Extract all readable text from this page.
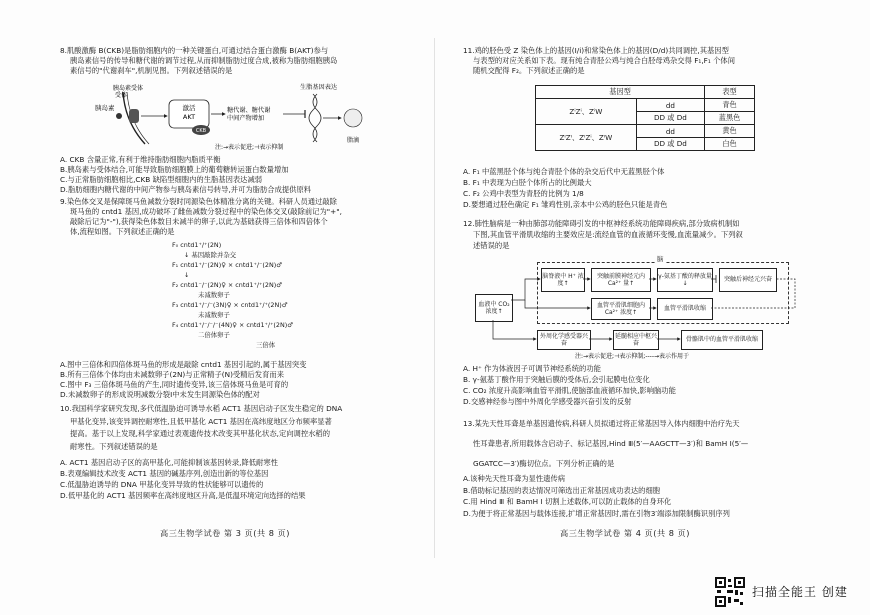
8.肌酸激酶 B(CKB)是脂肪细胞内的一种关键蛋白,可通过结合蛋白激酶 B(AKT)参与

胰岛素信号的传导和糖代谢的调节过程,从而抑制脂肪过度合成,被称为脂肪细胞胰岛

素信号的"代谢刹车",机制见图。下列叙述错误的是

胰岛素
胰岛素受体
受体
激活
AKT
CKB
糖代谢、糖代谢
中间产物增加
生脂基因表达
脂滴
注:→表示促进;⊣表示抑制

A. CKB 含量正常,有利于维持脂肪细胞内脂质平衡

B.胰岛素与受体结合,可能导致脂肪细胞膜上的葡萄糖转运蛋白数量增加

C.与正常脂肪细胞相比,CKB 缺陷型细胞内的生脂基因表达减弱

D.脂肪细胞内糖代谢的中间产物参与胰岛素信号转导,并可为脂肪合成提供原料

9.染色体交叉是保障斑马鱼减数分裂时同源染色体精准分离的关键。科研人员通过敲除

斑马鱼的 cntd1 基因,成功破坏了雌鱼减数分裂过程中的染色体交叉(敲除前记为"+",

敲除后记为"-"),获得染色体数目未减半的卵子,以此为基础获得三倍体和四倍体个

体,流程如图。下列叙述正确的是

F₀ cntd1⁺/⁺(2N)

↓ 基因敲除并杂交

F₁ cntd1⁺/⁻(2N)♀ × cntd1⁺/⁻(2N)♂

↓

F₂ cntd1⁻/⁻(2N)♀ × cntd1⁺/⁺(2N)♂

未减数卵子

F₃ cntd1⁺/⁻/⁻(3N)♀ × cntd1⁺/⁺(2N)♂

未减数卵子

F₄ cntd1⁺/⁻/⁻/⁻(4N)♀ × cntd1⁺/⁺(2N)♂

二倍体卵子

三倍体

A.图中三倍体和四倍体斑马鱼的形成是敲除 cntd1 基因引起的,属于基因突变

B.所有三倍体个体均由未减数卵子(2N)与正常精子(N)受精后发育而来

C.图中 F₃ 三倍体斑马鱼的产生,同时遗传变异,该三倍体斑马鱼是可育的

D.未减数卵子的形成说明减数分裂Ⅰ中未发生同源染色体的配对

10.我国科学家研究发现,多代低温胁迫可诱导水稻 ACT1 基因启动子区发生稳定的 DNA

甲基化变异,该变异调控耐寒性,且低甲基化 ACT1 基因在高纬度地区分布频率显著

提高。基于以上发现,科学家通过表观遗传技术改变其甲基化状态,定向调控水稻的

耐寒性。下列叙述错误的是

A. ACT1 基因启动子区的高甲基化,可能抑制该基因转录,降低耐寒性

B.表观编辑技术改变 ACT1 基因的碱基序列,创造出新的等位基因

C.低温胁迫诱导的 DNA 甲基化变异导致的性状能够可以遗传的

D.低甲基化的 ACT1 基因频率在高纬度地区升高,是低温环境定向选择的结果

高三生物学试卷 第 3 页(共 8 页)

11.鸡的胫色受 Z 染色体上的基因(I/i)和常染色体上的基因(D/d)共同调控,其基因型

与表型的对应关系如下表。现有纯合青胫公鸡与纯合白胫母鸡杂交得 F₁,F₁ 个体间

随机交配得 F₂。下列叙述正确的是

基因型		表型
ZⁱZⁱ、ZⁱW	dd	青色
	DD 或 Dd	蓝黑色
ZᴵZᴵ、ZᴵZⁱ、ZᴵW	dd	黄色
	DD 或 Dd	白色

A. F₁ 中蓝黑胫个体与纯合青胫个体的杂交后代中无蓝黑胫个体

B. F₁ 中表现为白胫个体所占的比例最大

C. F₂ 公鸡中表型为青胫的比例为 1/8

D.要想通过胫色确定 F₁ 雏鸡性别,亲本中公鸡的胫色只能是青色

12.肺性脑病是一种由肺部功能障碍引发的中枢神经系统功能障碍疾病,部分致病机制如

下图,其血管平滑肌收缩的主要效应是:流经血管的血液循环变慢,血流量减少。下列叙

述错误的是

脑
血液中 CO₂ 浓度↑
脑脊液中 H⁺ 浓度↑
突触前膜神经元内 Ca²⁺ 量↑
γ-氨基丁酸的释放量↓
突触后神经元兴奋
血管平滑肌细胞内 Ca²⁺ 浓度↑
血管平滑肌收缩
外周化学感受器兴奋
延髓相应中枢兴奋
骨骼肌中的血管平滑肌收缩
注:→表示促进;⊣表示抑制;----→表示作用于

A. H⁺ 作为体液因子可调节神经系统的功能

B. γ-氨基丁酸作用于突触后膜的受体后,会引起膜电位变化

C. CO₂ 浓度升高影响血管平滑肌,使脑部血液循环加快,影响脑功能

D.交感神经参与图中外周化学感受器兴奋引发的反射

13.某先天性耳聋是单基因遗传病,科研人员拟通过将正常基因导入体内细胞中治疗先天

性耳聋患者,所用载体含启动子、标记基因,Hind Ⅲ(5′—AAGCTT—3′)和 BamH Ⅰ(5′—

GGATCC—3′)酶切位点。下列分析正确的是

A.该种先天性耳聋为显性遗传病

B.借助标记基因的表达情况可筛选出正常基因成功表达的细胞

C.用 Hind Ⅲ 和 BamH Ⅰ 切割上述载体,可以防止载体的自身环化

D.为便于将正常基因与载体连接,扩增正常基因时,需在引物3′端添加限制酶识别序列

高三生物学试卷 第 4 页(共 8 页)
扫描全能王 创建
